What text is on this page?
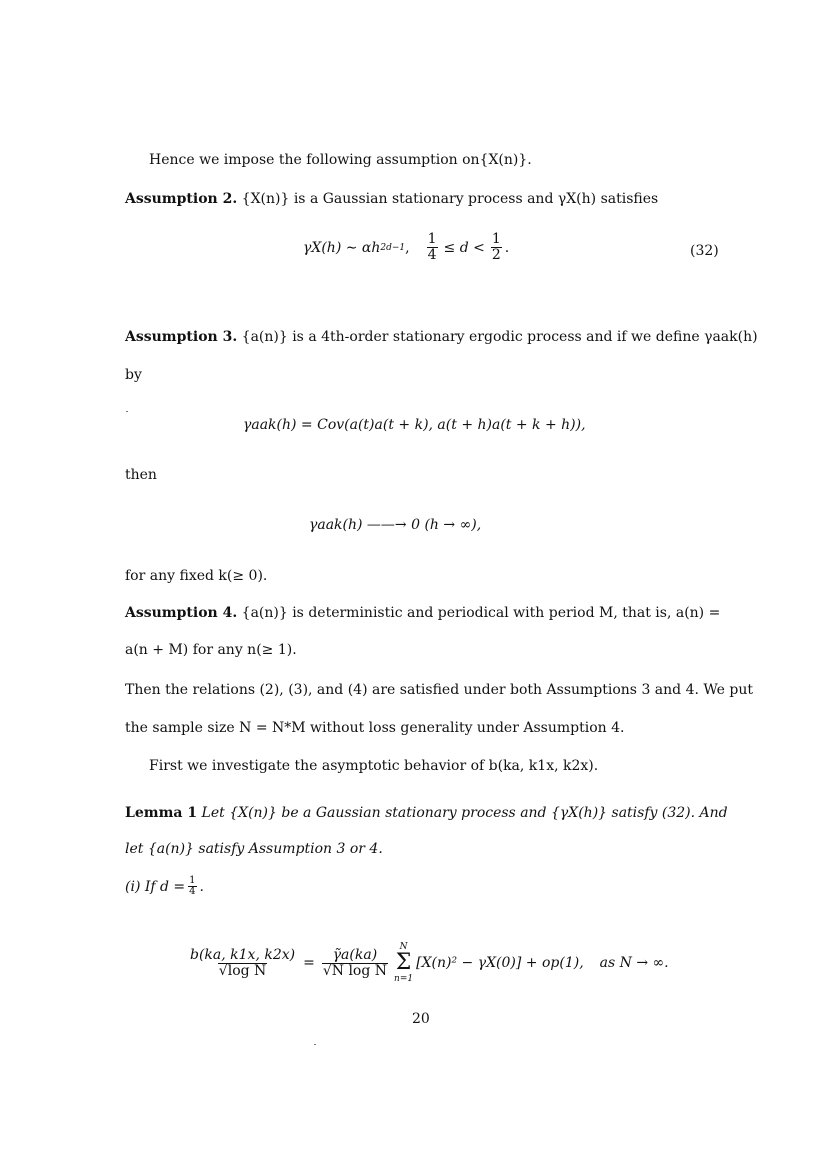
Hence we impose the following assumption on{X(n)}.
Assumption 2. {X(n)} is a Gaussian stationary process and γX(h) satisfies
γX(h) ∼ αh 2d−1 , $\frac{1}{4} \le d < \frac{1}{2}$ .	(32)
Assumption 3. {a(n)} is a 4th-order stationary ergodic process and if we define γaak(h)
by
γaak(h) = Cov(a(t)a(t + k), a(t + h)a(t + k + h)),
then
γaak(h) ——→ 0 (h → ∞),
for any fixed k(≥ 0).
Assumption 4. {a(n)} is deterministic and periodical with period M, that is, a(n) =
a(n + M) for any n(≥ 1).
Then the relations (2), (3), and (4) are satisfied under both Assumptions 3 and 4. We put
the sample size N = N*M without loss generality under Assumption 4.
First we investigate the asymptotic behavior of b(ka, k1x, k2x).
Lemma 1 Let {X(n)} be a Gaussian stationary process and {γX(h)} satisfy (32). And
let {a(n)} satisfy Assumption 3 or 4.
(i) If $d = \frac{1}{4}$ .
$\frac{b(ka, k1x, k2x)}{\text{√log N}} = \frac{\gammãa(ka)}{\text{√N log N}}$
N
Σ
n=1
[X(n)² − γX(0)] + op(1), as N → ∞.
20
